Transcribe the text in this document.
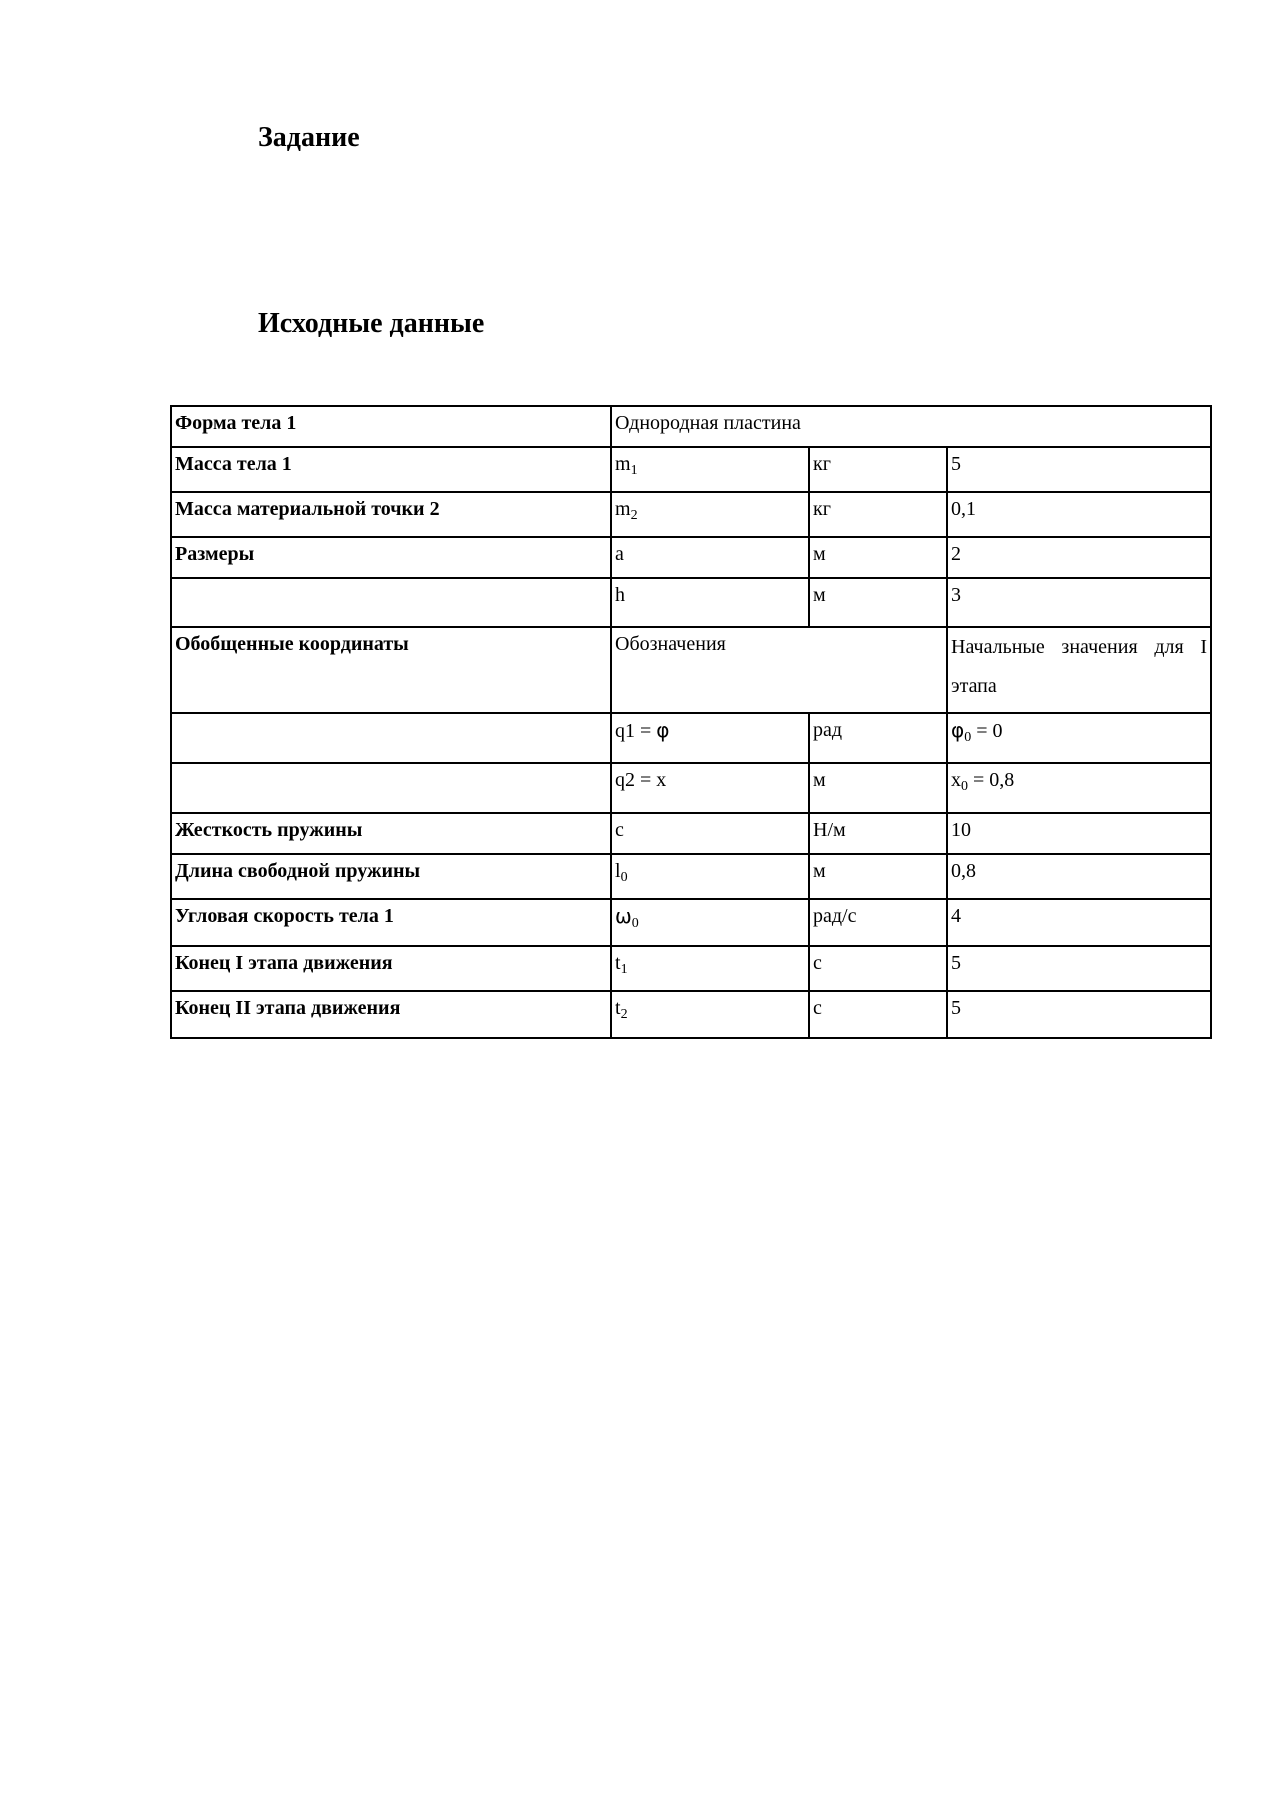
Задание
Исходные данные
Форма тела 1	Однородная пластина		
Масса тела 1	$m_1$	кг	5
Масса материальной точки 2	$m_2$	кг	0,1
Размеры	a	м	2
	h	м	3
Обобщенные координаты	Обозначения		Начальные значения для I этапа
	q1 = φ	рад	$\varphi_0 = 0$
	q2 = x	м	$x_0 = 0,8$
Жесткость пружины	c	Н/м	10
Длина свободной пружины	$l_0$	м	0,8
Угловая скорость тела 1	$\omega_0$	рад/с	4
Конец I этапа движения	$t_1$	с	5
Конец II этапа движения	$t_2$	с	5
